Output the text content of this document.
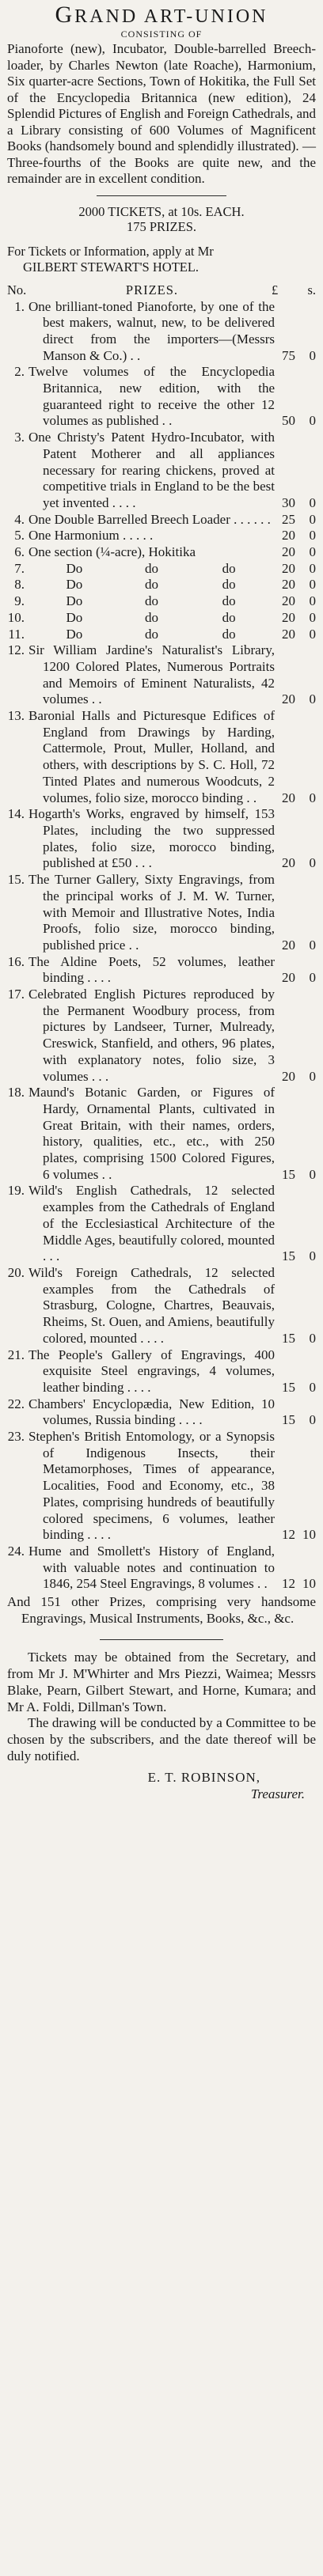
GRAND ART-UNION
CONSISTING OF

Pianoforte (new), Incubator, Double-barrelled Breech-loader, by Charles Newton (late Roache), Harmonium, Six quarter-acre Sections, Town of Hokitika, the Full Set of the Encyclopedia Britannica (new edition), 24 Splendid Pictures of English and Foreign Cathedrals, and a Library consisting of 600 Volumes of Magnificent Books (handsomely bound and splendidly illustrated). — Three-fourths of the Books are quite new, and the remainder are in excellent condition.

2000 TICKETS, at 10s. EACH.
175 PRIZES.
For Tickets or Information, apply at Mr
GILBERT STEWART'S HOTEL.
No.	PRIZES.	£ s.
1. One brilliant-toned Pianoforte, by one of the best makers, walnut, new, to be delivered direct from the importers—(Messrs Manson & Co.) . .	75	0
2. Twelve volumes of the Encyclopedia Britannica, new edition, with the guaranteed right to receive the other 12 volumes as published . .	50	0
3. One Christy's Patent Hydro-Incubator, with Patent Motherer and all appliances necessary for rearing chickens, proved at competitive trials in England to be the best yet invented . . . .	30	0
4. One Double Barrelled Breech Loader . . . . . . 25	0
5. One Harmonium . . . . .	20	0
6. One section (¼-acre), Hokitika	20	0
7.	Do	do	do	20	0
8.	Do	do	do	20	0
9.	Do	do	do	20	0
10.	Do	do	do	20	0
11.	Do	do	do	20	0
12. Sir William Jardine's Naturalist's Library, 1200 Colored Plates, Numerous Portraits and Memoirs of Eminent Naturalists, 42 volumes . .	20	0
13. Baronial Halls and Picturesque Edifices of England from Drawings by Harding, Cattermole, Prout, Muller, Holland, and others, with descriptions by S. C. Holl, 72 Tinted Plates and numerous Woodcuts, 2 volumes, folio size, morocco binding . .	20	0
14. Hogarth's Works, engraved by himself, 153 Plates, including the two suppressed plates, folio size, morocco binding, published at £50 . . .	20	0
15. The Turner Gallery, Sixty Engravings, from the principal works of J. M. W. Turner, with Memoir and Illustrative Notes, India Proofs, folio size, morocco binding, published price . .	20	0
16. The Aldine Poets, 52 volumes, leather binding . . . .	20	0
17. Celebrated English Pictures reproduced by the Permanent Woodbury process, from pictures by Landseer, Turner, Mulready, Creswick, Stanfield, and others, 96 plates, with explanatory notes, folio size, 3 volumes . . .	20	0
18. Maund's Botanic Garden, or Figures of Hardy, Ornamental Plants, cultivated in Great Britain, with their names, orders, history, qualities, etc., etc., with 250 plates, comprising 1500 Colored Figures, 6 volumes . .	15	0
19. Wild's English Cathedrals, 12 selected examples from the Cathedrals of England of the Ecclesiastical Architecture of the Middle Ages, beautifully colored, mounted . . .	15	0
20. Wild's Foreign Cathedrals, 12 selected examples from the Cathedrals of Strasburg, Cologne, Chartres, Beauvais, Rheims, St. Ouen, and Amiens, beautifully colored, mounted . . . .	15	0
21. The People's Gallery of Engravings, 400 exquisite Steel engravings, 4 volumes, leather binding . . . .	15	0
22. Chambers' Encyclopædia, New Edition, 10 volumes, Russia binding . . . .	15	0
23. Stephen's British Entomology, or a Synopsis of Indigenous Insects, their Metamorphoses, Times of appearance, Localities, Food and Economy, etc., 38 Plates, comprising hundreds of beautifully colored specimens, 6 volumes, leather binding . . . .	12 10
24. Hume and Smollett's History of England, with valuable notes and continuation to 1846, 254 Steel Engravings, 8 volumes . .	12 10

And 151 other Prizes, comprising very handsome Engravings, Musical Instruments, Books, &c., &c.

Tickets may be obtained from the Secretary, and from Mr J. M'Whirter and Mrs Piezzi, Waimea; Messrs Blake, Pearn, Gilbert Stewart, and Horne, Kumara; and Mr A. Foldi, Dillman's Town.

The drawing will be conducted by a Committee to be chosen by the subscribers, and the date thereof will be duly notified.

E. T. ROBINSON,
Treasurer.
